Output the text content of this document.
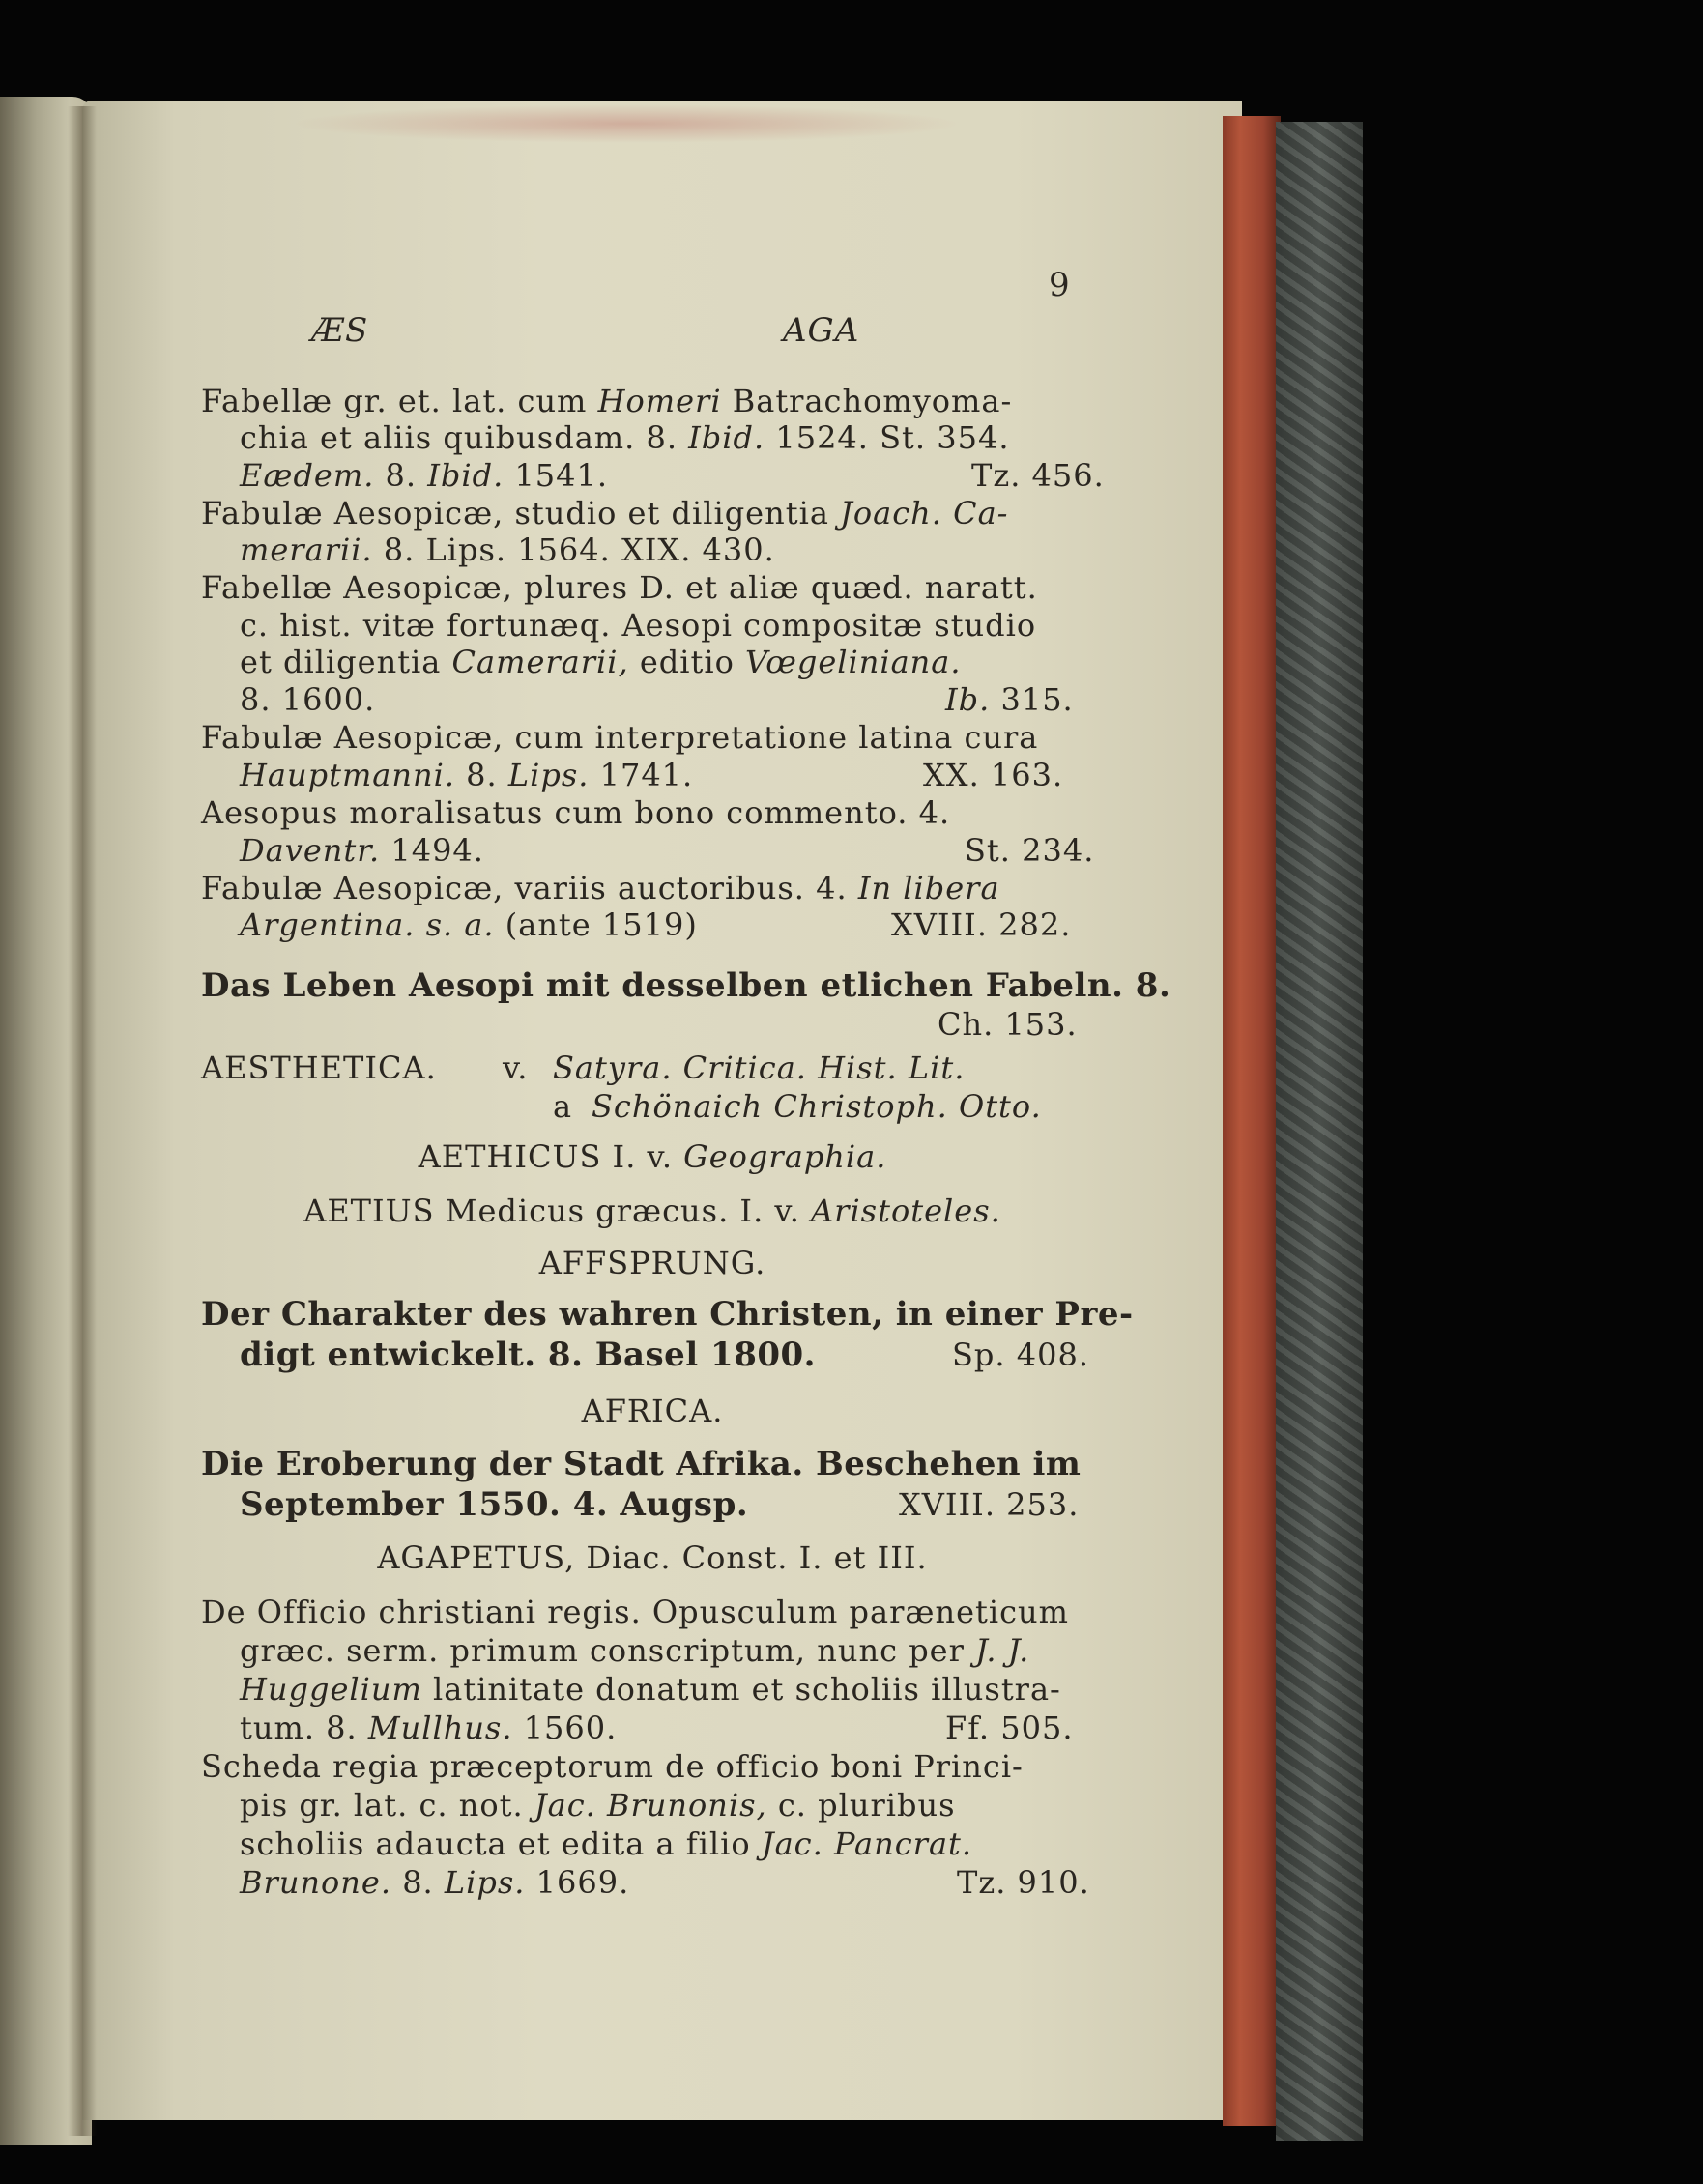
ÆS	AGA
9
Fabellæ gr. et. lat. cum Homeri Batrachomyoma-
chia et aliis quibusdam. 8. Ibid. 1524. St. 354.
Eædem. 8. Ibid. 1541.	Tz. 456.
Fabulæ Aesopicæ, studio et diligentia Joach. Ca-
merarii. 8. Lips. 1564. XIX. 430.
Fabellæ Aesopicæ, plures D. et aliæ quæd. naratt.
c. hist. vitæ fortunæq. Aesopi compositæ studio
et diligentia Camerarii, editio Vœgeliniana.
8. 1600.	Ib. 315.
Fabulæ Aesopicæ, cum interpretatione latina cura
Hauptmanni. 8. Lips. 1741.	XX. 163.
Aesopus moralisatus cum bono commento. 4.
Daventr. 1494.	St. 234.
Fabulæ Aesopicæ, variis auctoribus. 4. In libera
Argentina. s. a. (ante 1519)	XVIII. 282.
Das Leben Aesopi mit desselben etlichen Fabeln. 8.
Ch. 153.
AESTHETICA. v. Satyra. Critica. Hist. Lit.
a Schönaich Christoph. Otto.
AETHICUS I. v. Geographia.
AETIUS Medicus græcus. I. v. Aristoteles.
AFFSPRUNG.
Der Charakter des wahren Christen, in einer Pre-
digt entwickelt. 8. Basel 1800.	Sp. 408.
AFRICA.
Die Eroberung der Stadt Afrika. Beschehen im
September 1550. 4. Augsp.	XVIII. 253.
AGAPETUS, Diac. Const. I. et III.
De Officio christiani regis. Opusculum paræneticum
græc. serm. primum conscriptum, nunc per J. J.
Huggelium latinitate donatum et scholiis illustra-
tum. 8. Mullhus. 1560.	Ff. 505.
Scheda regia præceptorum de officio boni Princi-
pis gr. lat. c. not. Jac. Brunonis, c. pluribus
scholiis adaucta et edita a filio Jac. Pancrat.
Brunone. 8. Lips. 1669.	Tz. 910.
